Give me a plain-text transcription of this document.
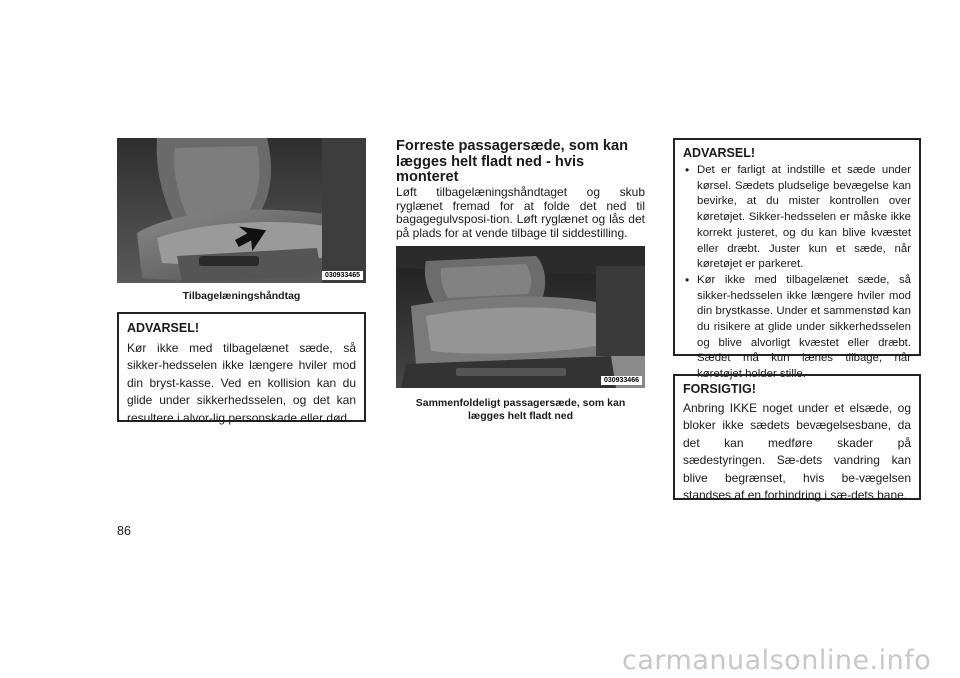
030933465
Tilbagelæningshåndtag
ADVARSEL!
Kør ikke med tilbagelænet sæde, så sikker-hedsselen ikke længere hviler mod din bryst-kasse. Ved en kollision kan du glide under sikkerhedsselen, og det kan resultere i alvor-lig personskade eller død.
Forreste passagersæde, som kan lægges helt fladt ned - hvis monteret
Løft tilbagelæningshåndtaget og skub ryglænet fremad for at folde det ned til bagagegulvsposi-tion. Løft ryglænet og lås det på plads for at vende tilbage til siddestilling.
030933466
Sammenfoldeligt passagersæde, som kan lægges helt fladt ned
ADVARSEL!
• Det er farligt at indstille et sæde under kørsel. Sædets pludselige bevægelse kan bevirke, at du mister kontrollen over køretøjet. Sikker-hedsselen er måske ikke korrekt justeret, og du kan blive kvæstet eller dræbt. Juster kun et sæde, når køretøjet er parkeret.
• Kør ikke med tilbagelænet sæde, så sikker-hedsselen ikke længere hviler mod din brystkasse. Under et sammenstød kan du risikere at glide under sikkerhedsselen og blive alvorligt kvæstet eller dræbt. Sædet må kun lænes tilbage, når køretøjet holder stille.
FORSIGTIG!
Anbring IKKE noget under et elsæde, og bloker ikke sædets bevægelsesbane, da det kan medføre skader på sædestyringen. Sæ-dets vandring kan blive begrænset, hvis be-vægelsen standses af en forhindring i sæ-dets bane.
86
carmanualsonline.info
